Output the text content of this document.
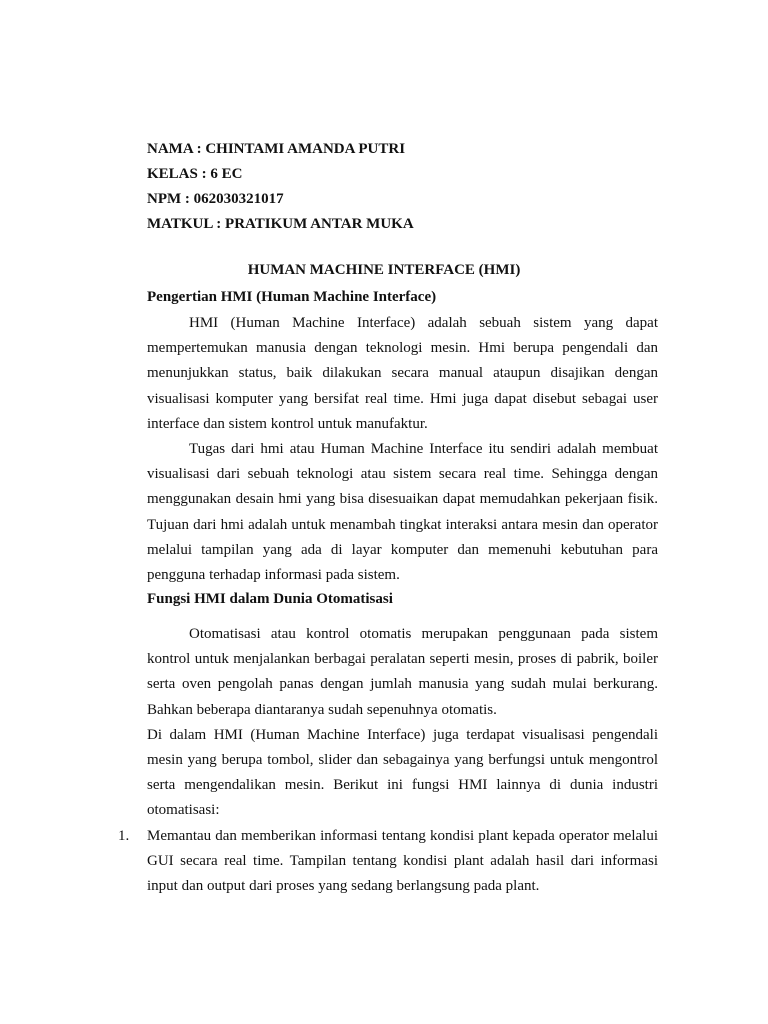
NAMA : CHINTAMI AMANDA PUTRI
KELAS : 6 EC
NPM : 062030321017
MATKUL : PRATIKUM ANTAR MUKA
HUMAN MACHINE INTERFACE (HMI)
Pengertian HMI (Human Machine Interface)

HMI (Human Machine Interface) adalah sebuah sistem yang dapat mempertemukan manusia dengan teknologi mesin. Hmi berupa pengendali dan menunjukkan status, baik dilakukan secara manual ataupun disajikan dengan visualisasi komputer yang bersifat real time. Hmi juga dapat disebut sebagai user interface dan sistem kontrol untuk manufaktur.

Tugas dari hmi atau Human Machine Interface itu sendiri adalah membuat visualisasi dari sebuah teknologi atau sistem secara real time. Sehingga dengan menggunakan desain hmi yang bisa disesuaikan dapat memudahkan pekerjaan fisik. Tujuan dari hmi adalah untuk menambah tingkat interaksi antara mesin dan operator melalui tampilan yang ada di layar komputer dan memenuhi kebutuhan para pengguna terhadap informasi pada sistem.

Fungsi HMI dalam Dunia Otomatisasi

Otomatisasi atau kontrol otomatis merupakan penggunaan pada sistem kontrol untuk menjalankan berbagai peralatan seperti mesin, proses di pabrik, boiler serta oven pengolah panas dengan jumlah manusia yang sudah mulai berkurang. Bahkan beberapa diantaranya sudah sepenuhnya otomatis.

Di dalam HMI (Human Machine Interface) juga terdapat visualisasi pengendali mesin yang berupa tombol, slider dan sebagainya yang berfungsi untuk mengontrol serta mengendalikan mesin. Berikut ini fungsi HMI lainnya di dunia industri otomatisasi:

1.	Memantau dan memberikan informasi tentang kondisi plant kepada operator melalui GUI secara real time. Tampilan tentang kondisi plant adalah hasil dari informasi input dan output dari proses yang sedang berlangsung pada plant.
